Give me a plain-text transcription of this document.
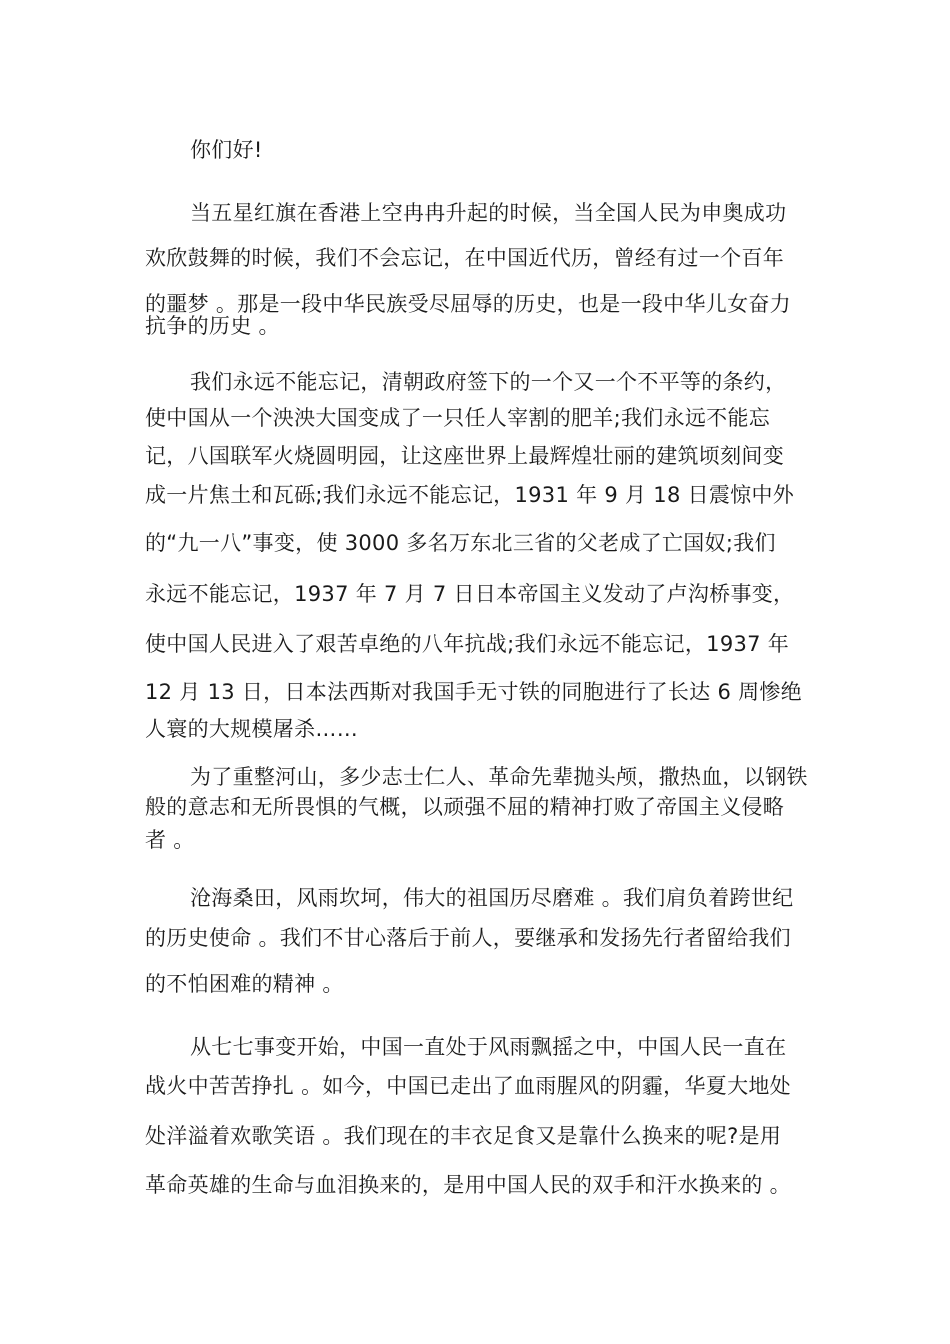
你们好!
当五星红旗在香港上空冉冉升起的时候，当全国人民为申奥成功
欢欣鼓舞的时候，我们不会忘记，在中国近代历，曾经有过一个百年
的噩梦 。那是一段中华民族受尽屈辱的历史，也是一段中华儿女奋力
抗争的历史 。
我们永远不能忘记，清朝政府签下的一个又一个不平等的条约，
使中国从一个泱泱大国变成了一只任人宰割的肥羊;我们永远不能忘
记，八国联军火烧圆明园，让这座世界上最辉煌壮丽的建筑顷刻间变
成一片焦土和瓦砾;我们永远不能忘记，1931 年 9 月 18 日震惊中外
的“九一八”事变，使 3000 多名万东北三省的父老成了亡国奴;我们
永远不能忘记，1937 年 7 月 7 日日本帝国主义发动了卢沟桥事变，
使中国人民进入了艰苦卓绝的八年抗战;我们永远不能忘记，1937 年
12 月 13 日，日本法西斯对我国手无寸铁的同胞进行了长达 6 周惨绝
人寰的大规模屠杀……
为了重整河山，多少志士仁人、革命先辈抛头颅，撒热血，以钢铁
般的意志和无所畏惧的气概，以顽强不屈的精神打败了帝国主义侵略
者 。
沧海桑田，风雨坎坷，伟大的祖国历尽磨难 。我们肩负着跨世纪
的历史使命 。我们不甘心落后于前人，要继承和发扬先行者留给我们
的不怕困难的精神 。
从七七事变开始，中国一直处于风雨飘摇之中，中国人民一直在
战火中苦苦挣扎 。如今，中国已走出了血雨腥风的阴霾，华夏大地处
处洋溢着欢歌笑语 。我们现在的丰衣足食又是靠什么换来的呢?是用
革命英雄的生命与血泪换来的，是用中国人民的双手和汗水换来的 。
